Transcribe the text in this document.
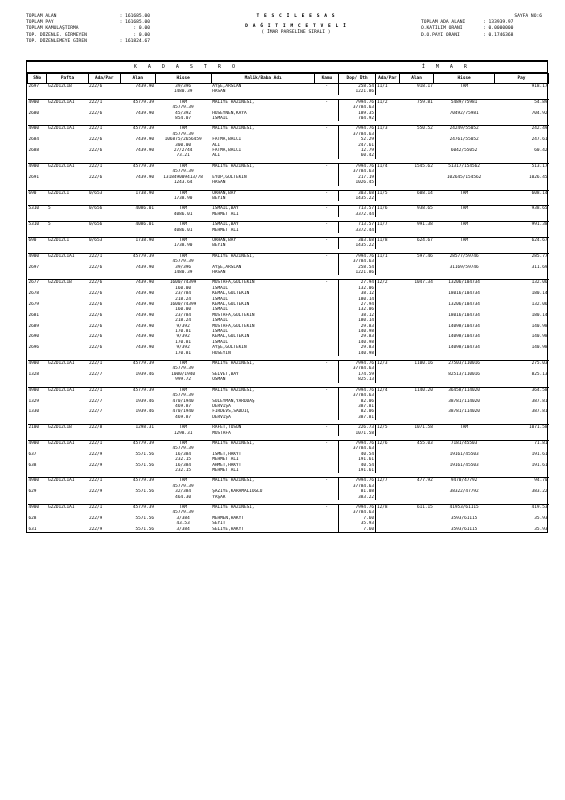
TOPLAM ALAN	: 161685.00
TOPLAM PAY	: 161685.00
TOPLAM KAMULAŞTIRMA	: 0.00
TOP. DÜZENLE. GİRMEYEN	: 0.00
TOP. DÜZENLEMEYE GİREN	: 161824.67
T E S C İ L E E S A S
D A Ğ I T I M C E T V E L İ
( İMAR PARSELİNE SIRALI )
SAYFA NO:6
TOPLAM ADA ALANI	: 133939.97
O.KATILIM ORANI	: 0.0000000
D.O.PAYI ORANI	: 0.1746368
K A D A S T R O	İ M A R
SNo	Pafta	Ada/Par	Alan	Hisse	Malik/Baba Adı	Kamu	Dop/ Üth	Ada/Par	Alan	Hisse	Pay
2697	G22D12C1B	222/6	7439.90	39/396	AYŞE,ARSLAN	-	258.54	11/1	918.17	TAM	918.17
				1480.39	HASAN		1221.86				

4900	G22D12C1A1	222/1	45779.39	TAM	MALİYE HAZİNESİ,	-	7994.76	11/2	759.81	5489/75981	54.89
				45779.39			37784.63				
2680		222/6	7439.90	45/392	HÜSEYNEN,KAYA		189.35			70492/75981	704.92
				854.07	İSMAİL		704.92				

4900	G22D12C1A1	222/1	45779.39	TAM	MALİYE HAZİNESİ,	-	7994.76	11/3	550.52	24249/55052	242.49
				45779.39			37784.63				
2684		222/6	7439.90	106875/2656459	FATMA,BALCI		52.29			24761/55052	247.61
				300.00	ALİ		247.61				
2688		222/6	7439.90	27/2744	FATMA,BALCI		12.79			6042/55052	60.42
				73.21	ALİ		60.42				

4900	G22D12C1A1	222/1	45779.39	TAM	MALİYE HAZİNESİ,	-	7994.76	11/4	1545.62	51317/154562	513.17
				45779.39			37784.63				
2691		222/6	7439.90	131849009413/78	EYÜP,GÜLTEKİN		217.19			102645/154562	1026.45
				1243.64	HASAN		1026.45				

690	G22D12C1	0/653	1738.90	TAM	ORHAN,BAY	-	303.68	11/5	608.14	TAM	608.14
				1738.90	BEYİN		1435.22				

5310	5	0/656	4086.01	TAM	İSMAİL,BAY	-	713.57	11/6	938.65	TAM	938.65
				4086.01	MEHMET ALİ		3372.44				

5310	5	0/656	4086.01	TAM	İSMAİL,BAY	-	713.57	11/7	991.38	TAM	991.38
				4086.01	MEHMET ALİ		3372.44				

690	G22D12C1	0/653	1738.90	TAM	ORHAN,BAY	-	303.68	11/8	624.67	TAM	624.67
				1738.90	BEYİN		1435.22				

4900	G22D12C1A1	222/1	45779.39	TAM	MALİYE HAZİNESİ,	-	7994.76	11/1	597.46	28577/59746	285.77
				45779.39			37784.63				
2697		222/6	7439.90	39/396	AYŞE,ARSLAN		258.54			31169/59746	311.69
				1480.39	HASAN		1221.86				

2677	G22D12C1B	222/6	7439.90	1600/74399	MUSTAFA,GÜLTEKİN	-	27.94	12/2	1047.34	13206/104734	132.06
				160.00	İSMAİL		132.06				
2678		222/6	7439.90	23/784	KEMAL,GÜLTEKİN		38.12			18016/104734	180.14
				218.24	İSMAİL		180.14				
2679		222/6	7439.90	1600/74399	KEMAL,GÜLTEKİN		27.94			13206/104734	132.06
				160.00	İSMAİL		132.06				
2681		222/6	7439.90	23/784	MUSTAFA,GÜLTEKİN		38.12			18016/104734	180.14
				218.24	İSMAİL		180.14				
2689		222/6	7439.90	9/392	MUSTAFA,GÜLTEKİN		29.83			14098/104734	140.98
				170.81	İSMAİL		140.98				
2690		222/6	7439.90	9/392	KEMAL,GÜLTEKİN		29.83			14098/104734	140.98
				170.81	İSMAİL		140.98				
2696		222/6	7439.90	9/392	AYŞE,GÜLTEKİN		29.83			14098/104734	140.98
				170.81	HÜSEYİN		140.98				

4900	G22D12C1A1	222/1	45779.39	TAM	MALİYE HAZİNESİ,	-	7994.76	12/3	1100.16	27503/110016	275.03
				45779.39			37784.63				
1328		222/7	1939.46	1000/1940	SELVET,BAY		174.59			82513/110016	825.13
				999.72	OSMAN		825.13				

4900	G22D12C1A1	222/1	45779.39	TAM	MALİYE HAZİNESİ,	-	7994.76	12/4	1140.20	36458/114020	364.58
				45779.39			37784.63				
1329		222/7	1939.46	470/1940	SÜLEYMAN,YARDDAŞ		82.06			38781/114020	387.81
				469.87	DERVİŞA		387.81				
1330		222/7	1939.46	470/1940	FİRDEVS,SADDIÇ		82.06			38781/114020	387.81
				469.87	DERVİŞA		387.81				

2100	G22D12C1B	222/8	1298.31	TAM	RAFET,TOSUN	-	226.73	12/5	1071.58	TAM	1071.58
				1298.31	MUSTAFA		1071.58				

4900	G22D12C1A1	222/1	45779.39	TAM	MALİYE HAZİNESİ,	-	7994.76	12/6	455.03	7181/45503	71.81
				45779.39			37784.63				
637		222/9	5571.56	16/384	İSMET,HAKYT		40.54			19161/45503	191.61
				232.15	MEHMET ALİ		191.61				
638		222/9	5571.56	16/384	AHMET,HAKYT		40.54			19161/45503	191.61
				232.15	MEHMET ALİ		191.61				

4900	G22D12C1A1	222/1	45779.39	TAM	MALİYE HAZİNESİ,	-	7994.76	12/7	477.92	9470/47792	94.70
				45779.39			37784.63				
629		222/9	5571.56	32/384	ŞAZİYE,KARAMALİOĞLU		81.08			38322/47792	383.22
				464.30	YAŞAR		383.22				

4900	G22D12C1A1	222/1	45779.39	TAM	MALİYE HAZİNESİ,	-	7994.76	12/8	611.15	41953/61115	419.53
				45779.39			37784.63				
628		222/9	5571.56	3/384	MEHMEN,HAKYT		7.60			3593/61115	35.93
				43.53	SEYİT		35.93				
631		222/9	5571.56	3/384	SELİYE,HAKYT		7.60			3593/61115	35.93
